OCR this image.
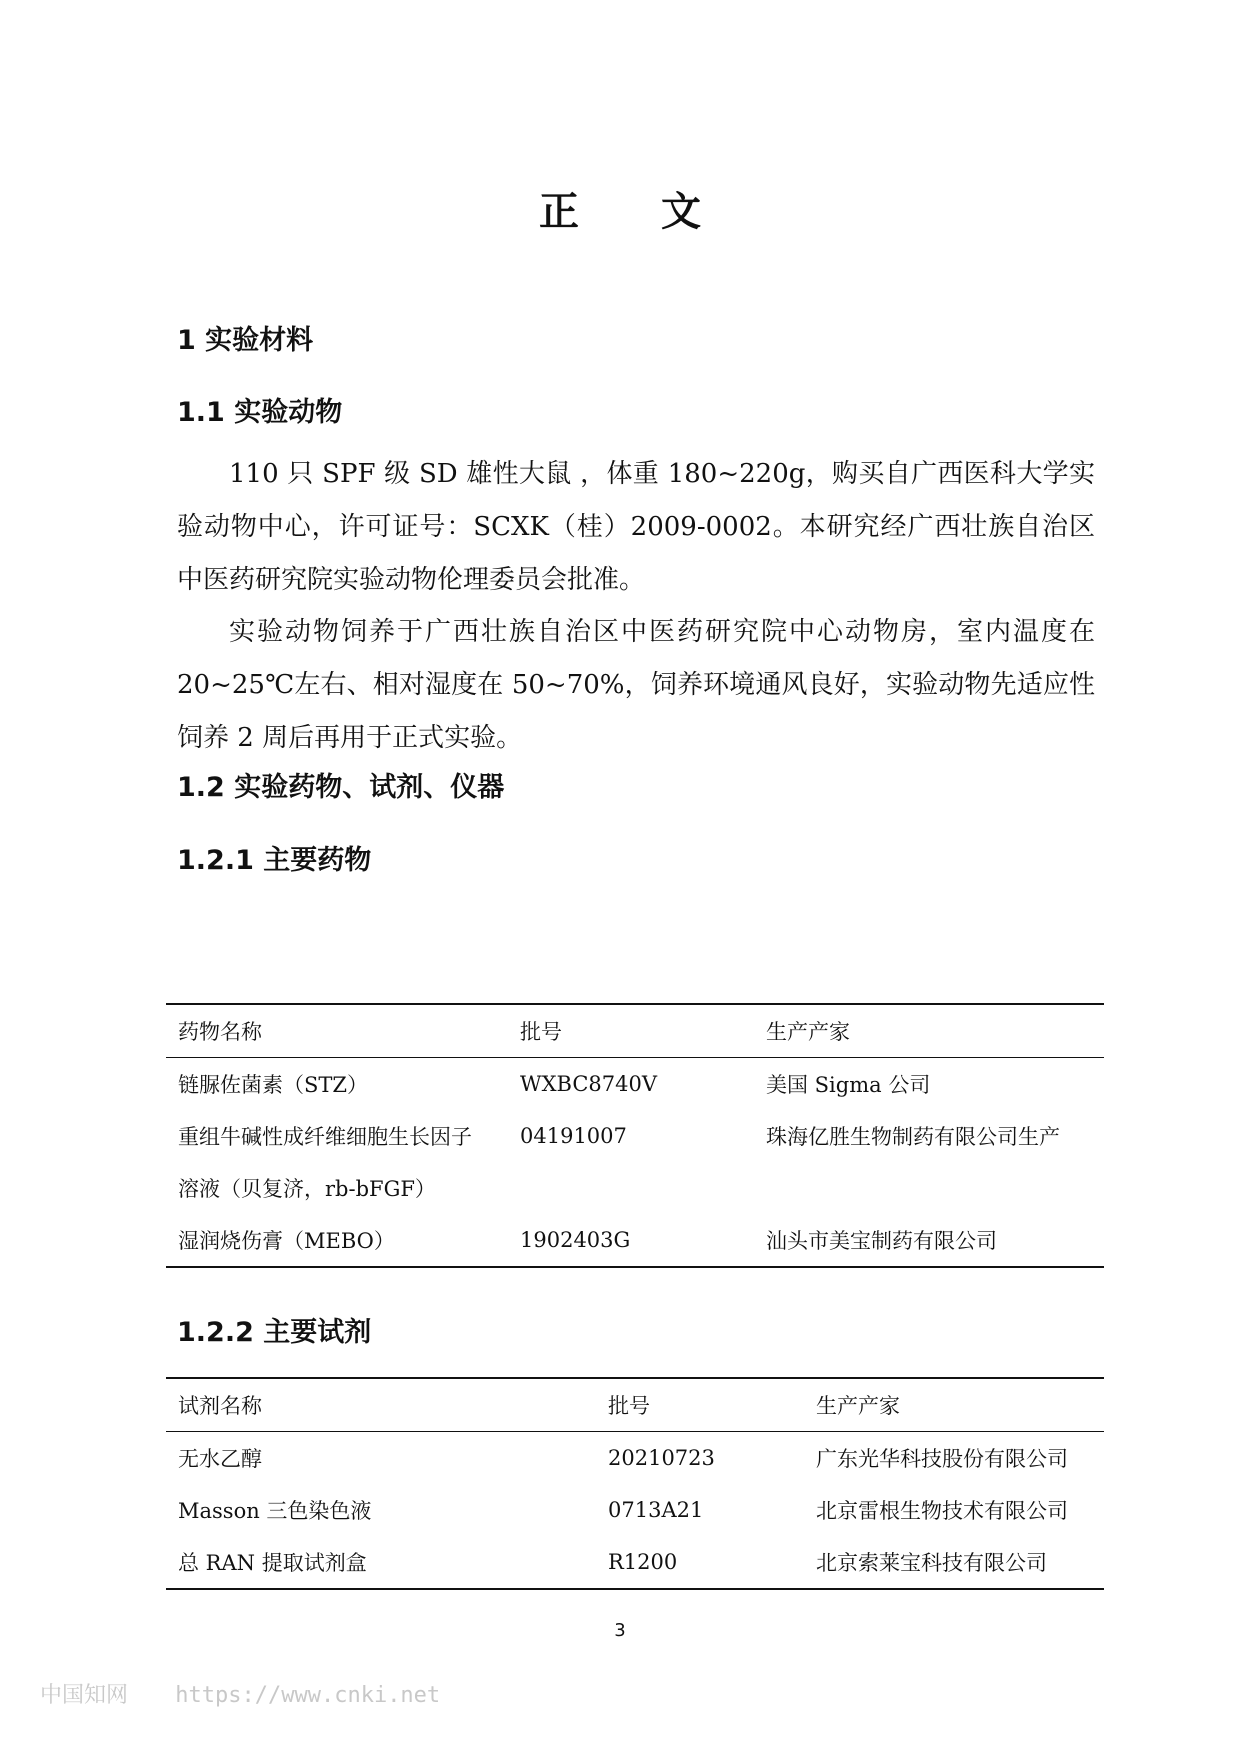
正 文
1 实验材料
1.1 实验动物
110 只 SPF 级 SD 雄性大鼠 ，体重 180~220g，购买自广西医科大学实验动物中心，许可证号：SCXK（桂）2009-0002。本研究经广西壮族自治区中医药研究院实验动物伦理委员会批准。
实验动物饲养于广西壮族自治区中医药研究院中心动物房，室内温度在 20~25℃左右、相对湿度在 50~70%，饲养环境通风良好，实验动物先适应性饲养 2 周后再用于正式实验。
1.2 实验药物、试剂、仪器
1.2.1 主要药物
药物名称	批号	生产产家
链脲佐菌素（STZ）	WXBC8740V	美国 Sigma 公司
重组牛碱性成纤维细胞生长因子	04191007	珠海亿胜生物制药有限公司生产
溶液（贝复济，rb-bFGF）		
湿润烧伤膏（MEBO）	1902403G	汕头市美宝制药有限公司
1.2.2 主要试剂
试剂名称	批号	生产产家
无水乙醇	20210723	广东光华科技股份有限公司
Masson 三色染色液	0713A21	北京雷根生物技术有限公司
总 RAN 提取试剂盒	R1200	北京索莱宝科技有限公司
3
中国知网 https://www.cnki.net
